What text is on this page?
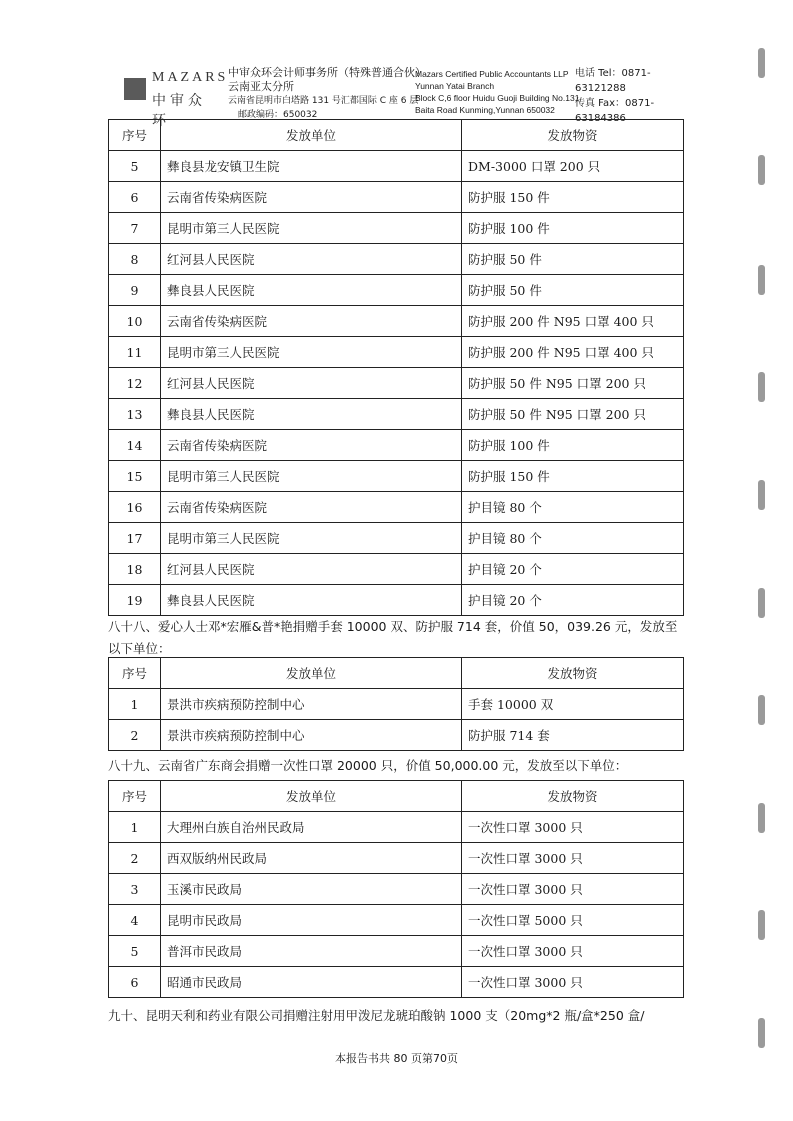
MAZARS
中审众环
中审众环会计师事务所（特殊普通合伙）
云南亚太分所
云南省昆明市白塔路 131 号汇都国际 C 座 6 层
邮政编码：650032
Mazars Certified Public Accountants LLP
Yunnan Yatai Branch
Block C,6 floor Huidu Guoji Building No.131
Baita Road Kunming,Yunnan 650032
电话 Tel：0871-63121288
传真 Fax：0871-63184386
序号	发放单位	发放物资
5	彝良县龙安镇卫生院	DM-3000 口罩 200 只
6	云南省传染病医院	防护服 150 件
7	昆明市第三人民医院	防护服 100 件
8	红河县人民医院	防护服 50 件
9	彝良县人民医院	防护服 50 件
10	云南省传染病医院	防护服 200 件 N95 口罩 400 只
11	昆明市第三人民医院	防护服 200 件 N95 口罩 400 只
12	红河县人民医院	防护服 50 件 N95 口罩 200 只
13	彝良县人民医院	防护服 50 件 N95 口罩 200 只
14	云南省传染病医院	防护服 100 件
15	昆明市第三人民医院	防护服 150 件
16	云南省传染病医院	护目镜 80 个
17	昆明市第三人民医院	护目镜 80 个
18	红河县人民医院	护目镜 20 个
19	彝良县人民医院	护目镜 20 个
八十八、爱心人士邓*宏雁&普*艳捐赠手套 10000 双、防护服 714 套，价值 50，039.26 元，发放至以下单位：
序号	发放单位	发放物资
1	景洪市疾病预防控制中心	手套 10000 双
2	景洪市疾病预防控制中心	防护服 714 套
八十九、云南省广东商会捐赠一次性口罩 20000 只，价值 50,000.00 元，发放至以下单位：
序号	发放单位	发放物资
1	大理州白族自治州民政局	一次性口罩 3000 只
2	西双版纳州民政局	一次性口罩 3000 只
3	玉溪市民政局	一次性口罩 3000 只
4	昆明市民政局	一次性口罩 5000 只
5	普洱市民政局	一次性口罩 3000 只
6	昭通市民政局	一次性口罩 3000 只
九十、昆明天利和药业有限公司捐赠注射用甲泼尼龙琥珀酸钠 1000 支（20mg*2 瓶/盒*250 盒/
本报告书共 80 页第70页
